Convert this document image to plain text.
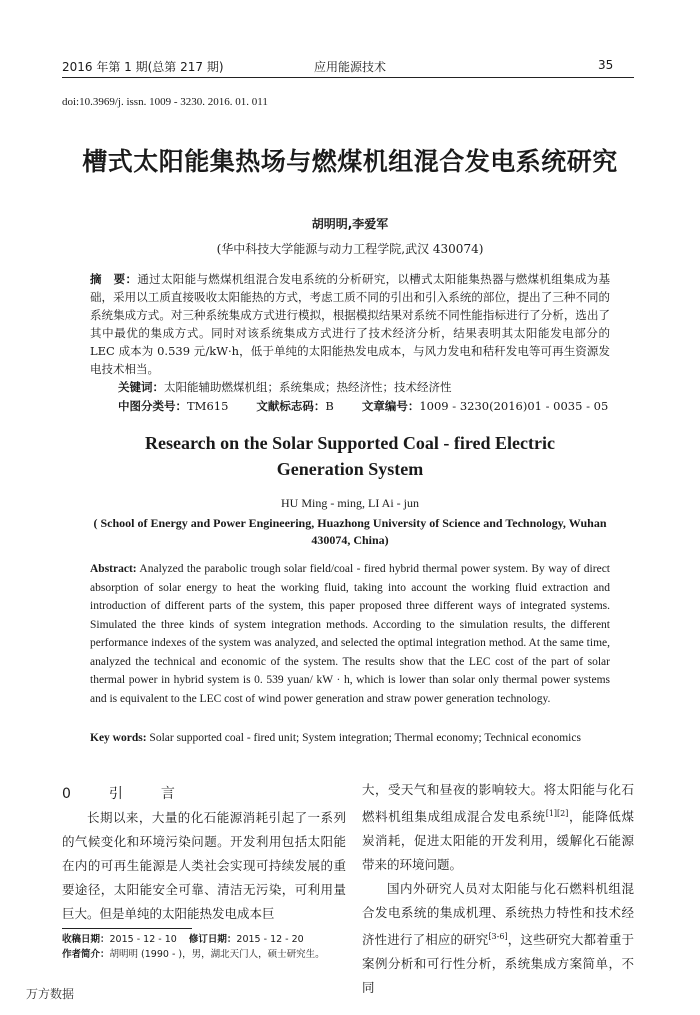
2016 年第 1 期(总第 217 期)	应用能源技术	35
doi:10.3969/j. issn. 1009 - 3230. 2016. 01. 011
槽式太阳能集热场与燃煤机组混合发电系统研究
胡明明,李爱军
(华中科技大学能源与动力工程学院,武汉 430074)
摘　要：通过太阳能与燃煤机组混合发电系统的分析研究，以槽式太阳能集热器与燃煤机组集成为基础，采用以工质直接吸收太阳能热的方式，考虑工质不同的引出和引入系统的部位，提出了三种不同的系统集成方式。对三种系统集成方式进行模拟，根据模拟结果对系统不同性能指标进行了分析，选出了其中最优的集成方式。同时对该系统集成方式进行了技术经济分析，结果表明其太阳能发电部分的 LEC 成本为 0.539 元/kW·h，低于单纯的太阳能热发电成本，与风力发电和秸秆发电等可再生资源发电技术相当。
关键词：太阳能辅助燃煤机组；系统集成；热经济性；技术经济性
中图分类号：TM615 文献标志码：B 文章编号：1009 - 3230(2016)01 - 0035 - 05
Research on the Solar Supported Coal - fired Electric
Generation System
HU Ming - ming, LI Ai - jun
( School of Energy and Power Engineering, Huazhong University of Science and Technology, Wuhan 430074, China)
Abstract: Analyzed the parabolic trough solar field/coal - fired hybrid thermal power system. By way of direct absorption of solar energy to heat the working fluid, taking into account the working fluid extraction and introduction of different parts of the system, this paper proposed three different ways of integrated systems. Simulated the three kinds of system integration methods. According to the simulation results, the different performance indexes of the system was analyzed, and selected the optimal integration method. At the same time, analyzed the technical and economic of the system. The results show that the LEC cost of the part of solar thermal power in hybrid system is 0. 539 yuan/ kW · h, which is lower than solar only thermal power systems and is equivalent to the LEC cost of wind power generation and straw power generation technology.
Key words: Solar supported coal - fired unit; System integration; Thermal economy; Technical economics
0　引　言
长期以来，大量的化石能源消耗引起了一系列的气候变化和环境污染问题。开发利用包括太阳能在内的可再生能源是人类社会实现可持续发展的重要途径，太阳能安全可靠、清洁无污染，可利用量巨大。但是单纯的太阳能热发电成本巨
大，受天气和昼夜的影响较大。将太阳能与化石燃料机组集成组成混合发电系统[1][2]，能降低煤炭消耗，促进太阳能的开发利用，缓解化石能源带来的环境问题。
国内外研究人员对太阳能与化石燃料机组混合发电系统的集成机理、系统热力特性和技术经济性进行了相应的研究[3-6]，这些研究大都着重于案例分析和可行性分析，系统集成方案简单，不同
收稿日期：2015 - 12 - 10 修订日期：2015 - 12 - 20
作者简介：胡明明 (1990 - )，男，湖北天门人，硕士研究生。
万方数据
